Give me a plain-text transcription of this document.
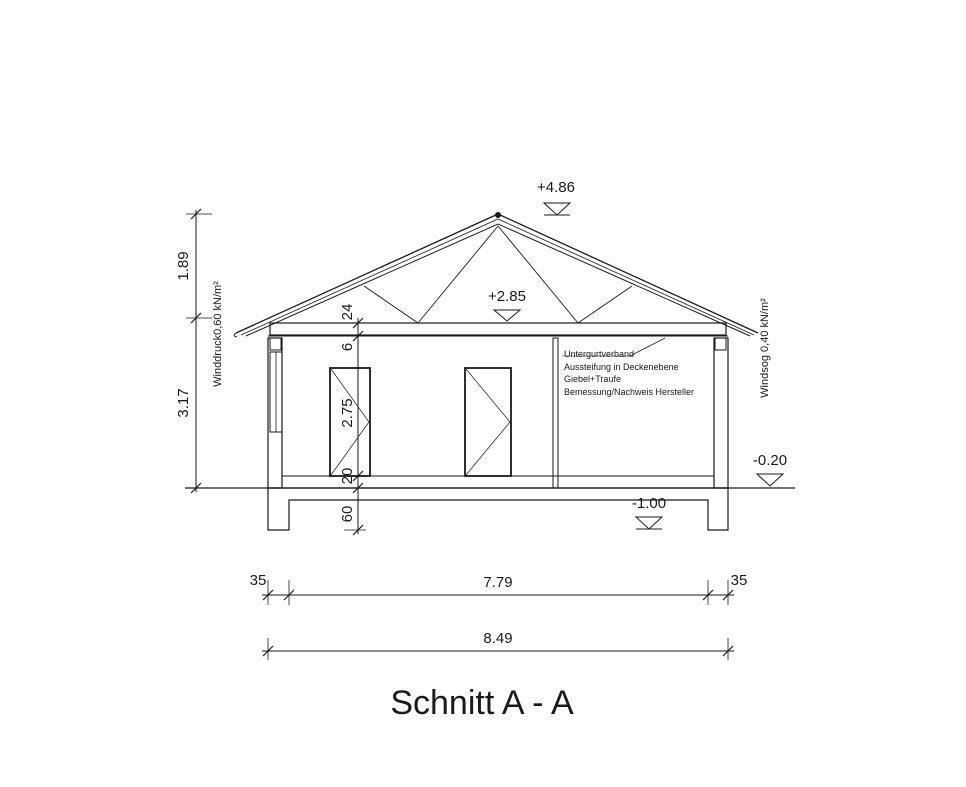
+4.86
+2.85
-0.20
-1.00
1.89
3.17
24
6
2.75
20
60
Winddruck0,60 kN/m²	Windsog 0,40 kN/m²
Untergurtverband
Aussteifung in Deckenebene
Giebel+Traufe
Bemessung/Nachweis Hersteller
35	7.79	35
8.49
Schnitt A - A
